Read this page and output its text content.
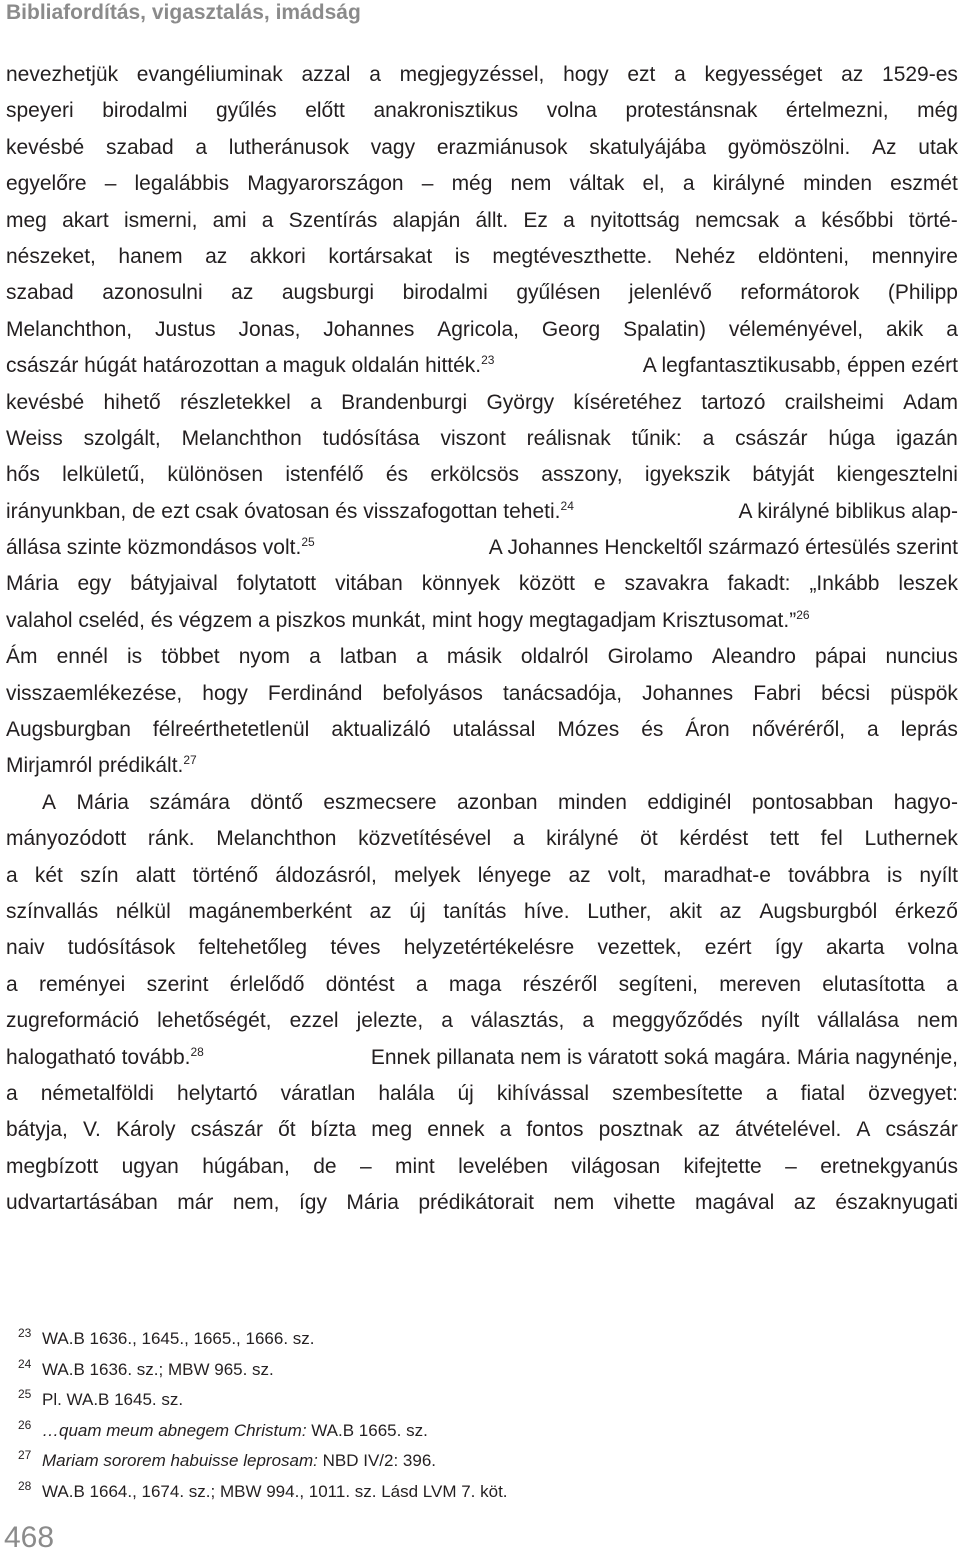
Bibliafordítás, vigasztalás, imádság
nevezhetjük evangéliuminak azzal a megjegyzéssel, hogy ezt a kegyességet az 1529-es
speyeri birodalmi gyűlés előtt anakronisztikus volna protestánsnak értelmezni, még
kevésbé szabad a lutheránusok vagy erazmiánusok skatulyájába gyömöszölni. Az utak
egyelőre – legalábbis Magyarországon – még nem váltak el, a királyné minden eszmét
meg akart ismerni, ami a Szentírás alapján állt. Ez a nyitottság nemcsak a későbbi törté-
nészeket, hanem az akkori kortársakat is megtéveszthette. Nehéz eldönteni, mennyire
szabad azonosulni az augsburgi birodalmi gyűlésen jelenlévő reformátorok (Philipp
Melanchthon, Justus Jonas, Johannes Agricola, Georg Spalatin) véleményével, akik a
császár húgát határozottan a maguk oldalán hitték.$^{23}$	A legfantasztikusabb, éppen ezért
kevésbé hihető részletekkel a Brandenburgi György kíséretéhez tartozó crailsheimi Adam
Weiss szolgált, Melanchthon tudósítása viszont reálisnak tűnik: a császár húga igazán
hős lelkületű, különösen istenfélő és erkölcsös asszony, igyekszik bátyját kiengesztelni
irányunkban, de ezt csak óvatosan és visszafogottan teheti.$^{24}$	A királyné biblikus alap-
állása szinte közmondásos volt.$^{25}$	A Johannes Henckeltől származó értesülés szerint
Mária egy bátyjaival folytatott vitában könnyek között e szavakra fakadt: „Inkább leszek
valahol cseléd, és végzem a piszkos munkát, mint hogy megtagadjam Krisztusomat.”$^{26}$
Ám ennél is többet nyom a latban a másik oldalról Girolamo Aleandro pápai nuncius
visszaemlékezése, hogy Ferdinánd befolyásos tanácsadója, Johannes Fabri bécsi püspök
Augsburgban félreérthetetlenül aktualizáló utalással Mózes és Áron nővéréről, a leprás
Mirjamról prédikált.$^{27}$
A Mária számára döntő eszmecsere azonban minden eddiginél pontosabban hagyo-
mányozódott ránk. Melanchthon közvetítésével a királyné öt kérdést tett fel Luthernek
a két szín alatt történő áldozásról, melyek lényege az volt, maradhat-e továbbra is nyílt
színvallás nélkül magánemberként az új tanítás híve. Luther, akit az Augsburgból érkező
naiv tudósítások feltehetőleg téves helyzetértékelésre vezettek, ezért így akarta volna
a reményei szerint érlelődő döntést a maga részéről segíteni, mereven elutasította a
zugreformáció lehetőségét, ezzel jelezte, a választás, a meggyőződés nyílt vállalása nem
halogatható tovább.$^{28}$	Ennek pillanata nem is váratott soká magára. Mária nagynénje,
a németalföldi helytartó váratlan halála új kihívással szembesítette a fiatal özvegyet:
bátyja, V. Károly császár őt bízta meg ennek a fontos posztnak az átvételével. A császár
megbízott ugyan húgában, de – mint levelében világosan kifejtette – eretnekgyanús
udvartartásában már nem, így Mária prédikátorait nem vihette magával az északnyugati
23 WA.B 1636., 1645., 1665., 1666. sz.
24 WA.B 1636. sz.; MBW 965. sz.
25 Pl. WA.B 1645. sz.
26 …quam meum abnegem Christum: WA.B 1665. sz.
27 Mariam sororem habuisse leprosam: NBD IV/2: 396.
28 WA.B 1664., 1674. sz.; MBW 994., 1011. sz. Lásd LVM 7. köt.
468
